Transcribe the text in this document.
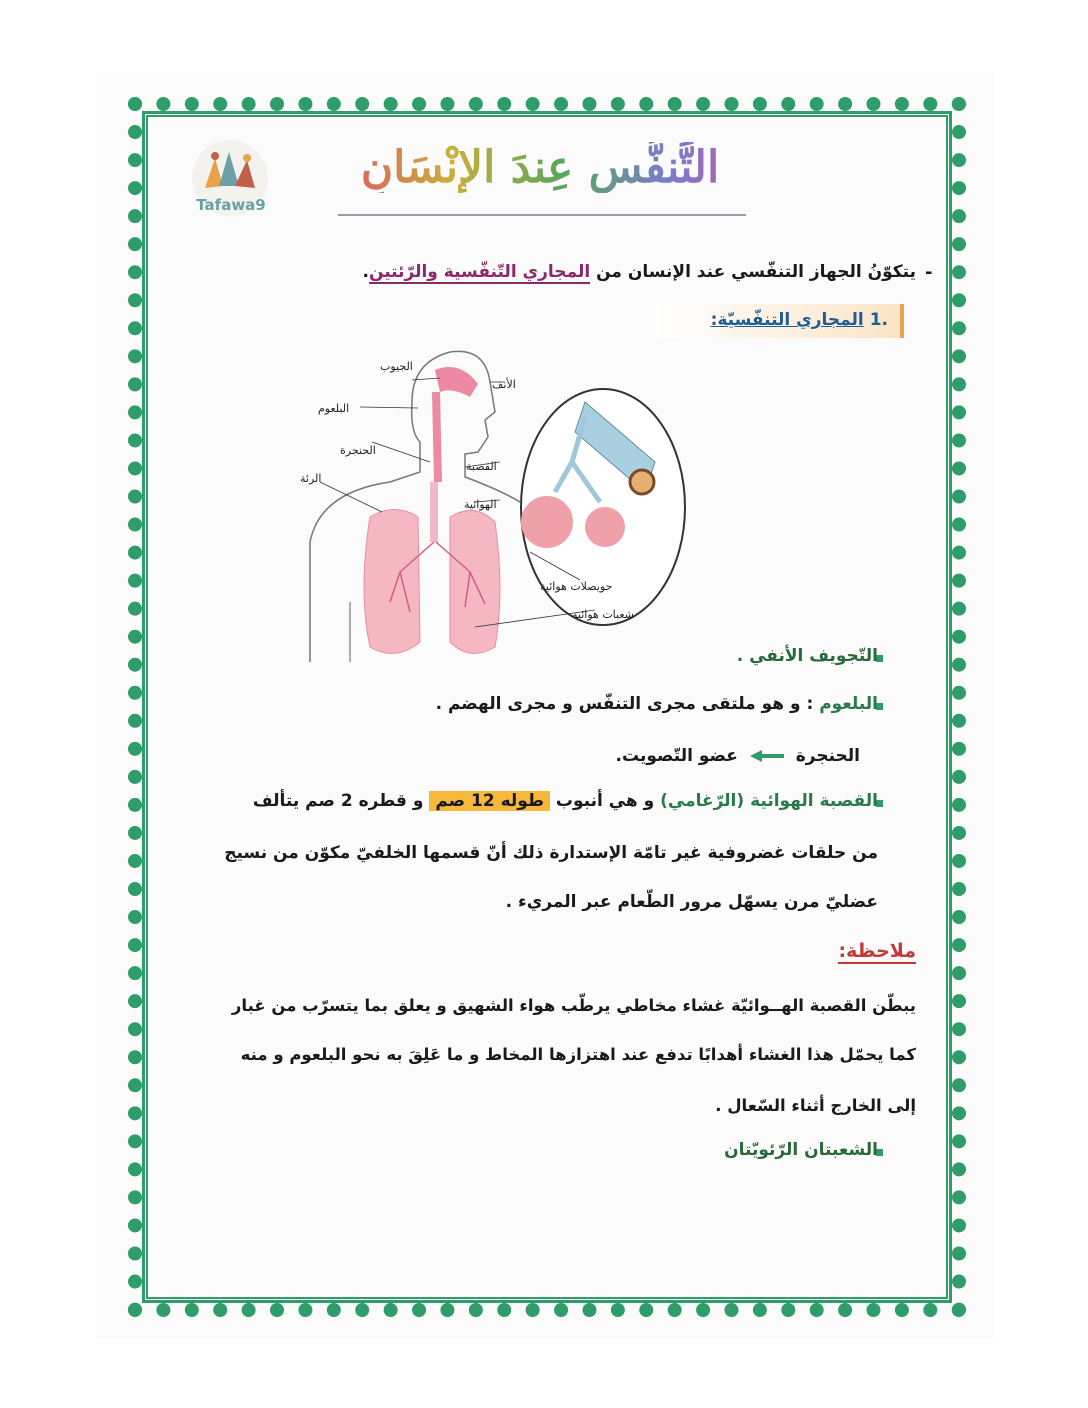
Tafawa9
التَّنفُّس عِندَ الإنْسَانِ
-
يتكوّنُ الجهاز التنفّسي عند الإنسان من المجاري التّنفّسية والرّئتين.
.1 المجاري التنفّسيّة:
الجيوب
الأنف
البلعوم
الحنجرة
القصبة
الرئة
الهوائية
حويصلات هوائية
شعبات هوائية
التّجويف الأنفي .
البلعوم : و هو ملتقى مجرى التنفّس و مجرى الهضم .
الحنجرة  عضو التّصويت.
القصبة الهوائية (الرّغامي) و هي أنبوب طوله 12 صم و قطره 2 صم يتألف
من حلقات غضروفية غير تامّة الإستدارة ذلك أنّ قسمها الخلفيّ مكوّن من نسيج
عضليّ مرن يسهّل مرور الطّعام عبر المريء .
ملاحظة:
يبطّن القصبة الهــوائيّة غشاء مخاطي يرطّب هواء الشهيق و يعلق بما يتسرّب من غبار
كما يحمّل هذا الغشاء أهدابًا تدفع عند اهتزازها المخاط و ما عَلِقَ به نحو البلعوم و منه
إلى الخارج أثناء السّعال .
الشعبتان الرّئويّتان
